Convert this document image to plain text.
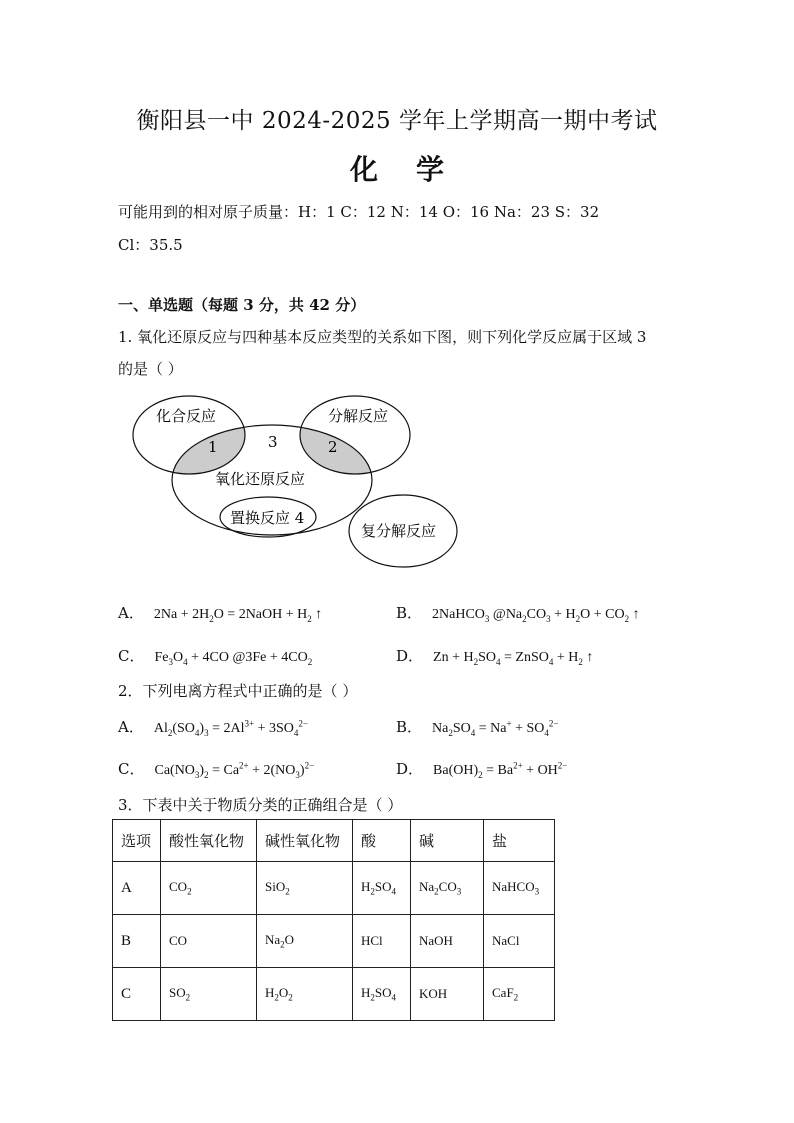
衡阳县一中 2024-2025 学年上学期高一期中考试
化学
可能用到的相对原子质量：H：1 C：12 N：14 O：16 Na：23 S：32
Cl：35.5
一、单选题（每题 3 分，共 42 分）
1. 氧化还原反应与四种基本反应类型的关系如下图，则下列化学反应属于区域 3
的是（ ）
化合反应	分解反应
1	2
3
氧化还原反应
置换反应 4
复分解反应
A． $2Na + 2H_2O$ = 2NaOH + $H_2$ ↑	B． 2NaHCO$_3$ $@Na_2CO_3 + H_2O + CO_2$ ↑
C． $Fe_3O_4 + 4CO$ @3Fe + $4CO_2$	D． $Zn + H_2SO_4$ = ZnSO$_4$ + $H_2$ ↑
2．下列电离方程式中正确的是（ ）
A． $Al_2(SO_4)_3 = 2Al^{3+} + 3SO_4^{2-}$	B． $Na_2SO_4 = Na^+ + SO_4^{2-}$
C． $Ca(NO_3)_2 = Ca^{2+} + 2(NO_3)^{2-}$	D． $Ba(OH)_2 = Ba^{2+} + OH^{2-}$
3．下表中关于物质分类的正确组合是（ ）
选项	酸性氧化物	碱性氧化物	酸	碱	盐
A	$CO_2$	SiO$_2$	$H_2SO_4$	$Na_2CO_3$	NaHCO$_3$
B	CO	$Na_2O$	HCl	NaOH	NaCl
C	$SO_2$	$H_2O_2$	$H_2SO_4$	KOH	CaF$_2$
